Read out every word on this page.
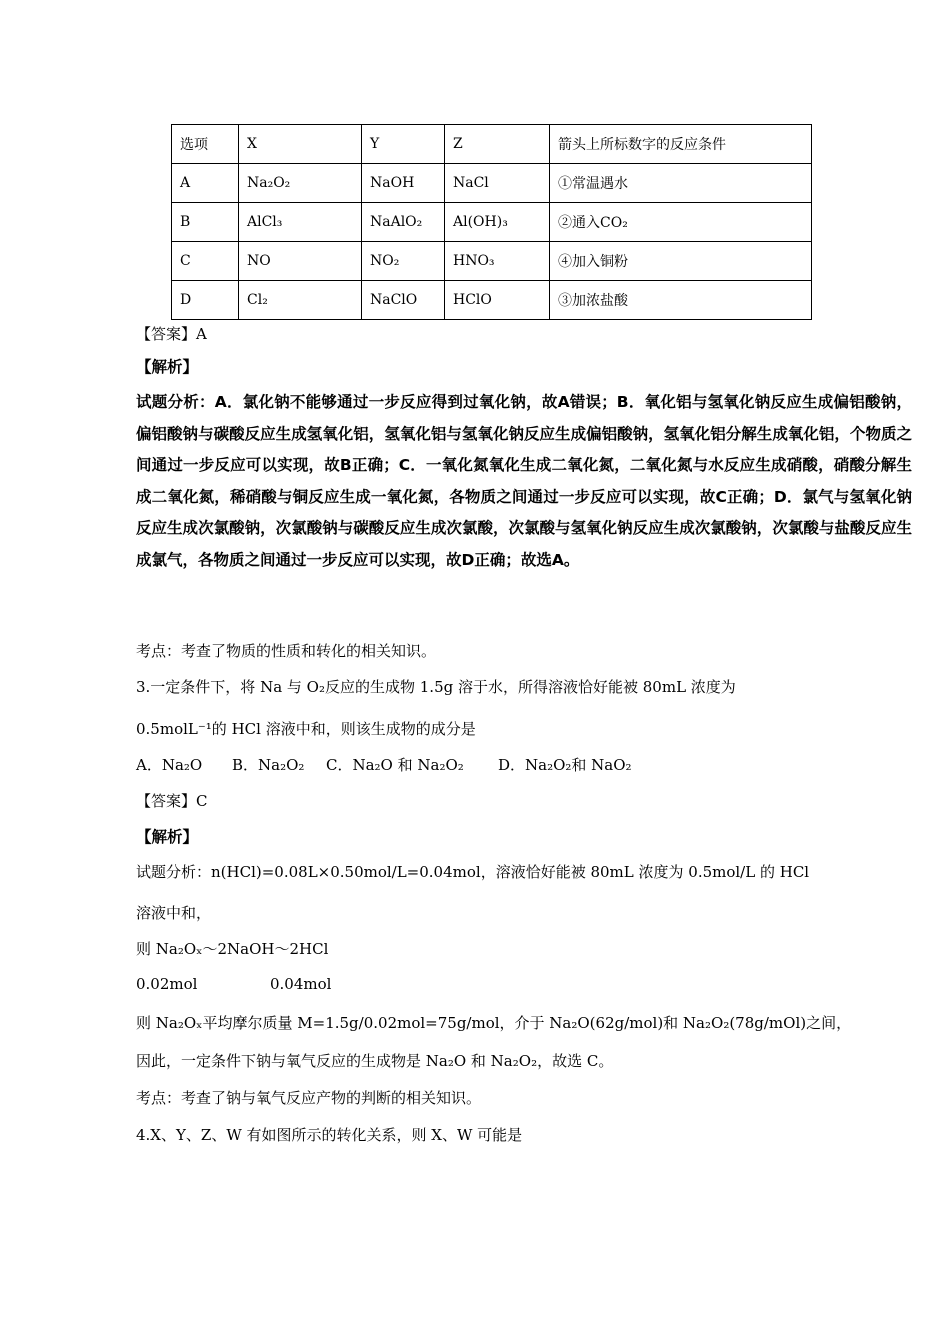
选项	X	Y	Z	箭头上所标数字的反应条件
A	Na₂O₂	NaOH	NaCl	①常温遇水
B	AlCl₃	NaAlO₂	Al(OH)₃	②通入CO₂
C	NO	NO₂	HNO₃	④加入铜粉
D	Cl₂	NaClO	HClO	③加浓盐酸
【答案】A
【解析】
试题分析：A．氯化钠不能够通过一步反应得到过氧化钠，故A错误；B．氧化铝与氢氧化钠反应生成偏铝酸钠，偏铝酸钠与碳酸反应生成氢氧化铝，氢氧化铝与氢氧化钠反应生成偏铝酸钠，氢氧化铝分解生成氧化铝，个物质之间通过一步反应可以实现，故B正确；C．一氧化氮氧化生成二氧化氮，二氧化氮与水反应生成硝酸，硝酸分解生成二氧化氮，稀硝酸与铜反应生成一氧化氮，各物质之间通过一步反应可以实现，故C正确；D．氯气与氢氧化钠反应生成次氯酸钠，次氯酸钠与碳酸反应生成次氯酸，次氯酸与氢氧化钠反应生成次氯酸钠，次氯酸与盐酸反应生成氯气，各物质之间通过一步反应可以实现，故D正确；故选A。
考点：考查了物质的性质和转化的相关知识。
3.一定条件下，将 Na 与 O₂反应的生成物 1.5g 溶于水，所得溶液恰好能被 80mL 浓度为
0.5molL⁻¹的 HCl 溶液中和，则该生成物的成分是
A．Na₂O B．Na₂O₂ C．Na₂O 和 Na₂O₂ D．Na₂O₂和 NaO₂
【答案】C
【解析】
试题分析：n(HCl)=0.08L×0.50mol/L=0.04mol，溶液恰好能被 80mL 浓度为 0.5mol/L 的 HCl
溶液中和，
则 Na₂Oₓ～2NaOH～2HCl
0.02mol	0.04mol
则 Na₂Oₓ平均摩尔质量 M=1.5g/0.02mol=75g/mol，介于 Na₂O(62g/mol)和 Na₂O₂(78g/mOl)之间，
因此，一定条件下钠与氧气反应的生成物是 Na₂O 和 Na₂O₂，故选 C。
考点：考查了钠与氧气反应产物的判断的相关知识。
4.X、Y、Z、W 有如图所示的转化关系，则 X、W 可能是
